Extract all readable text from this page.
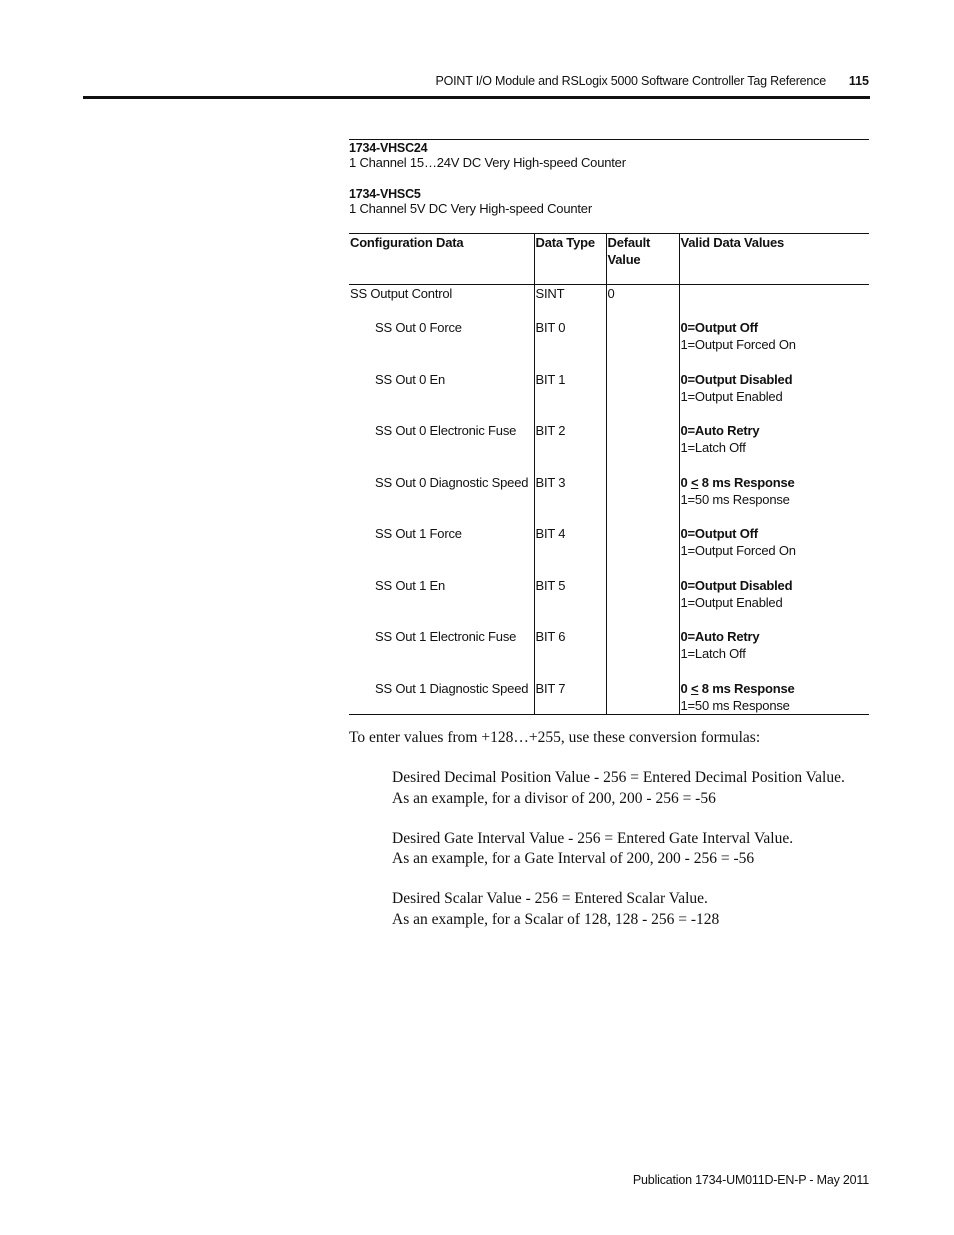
POINT I/O Module and RSLogix 5000 Software Controller Tag Reference	115

1734-VHSC24

1 Channel 15…24V DC Very High-speed Counter

1734-VHSC5

1 Channel 5V DC Very High-speed Counter

Configuration Data	Data Type	Default Value	Valid Data Values
SS Output Control	SINT	0	
SS Out 0 Force	BIT 0		0=Output Off
1=Output Forced On

SS Out 0 En	BIT 1		0=Output Disabled
1=Output Enabled

SS Out 0 Electronic Fuse	BIT 2		0=Auto Retry
1=Latch Off

SS Out 0 Diagnostic Speed	BIT 3		0 ≤ 8 ms Response
1=50 ms Response

SS Out 1 Force	BIT 4		0=Output Off
1=Output Forced On

SS Out 1 En	BIT 5		0=Output Disabled
1=Output Enabled

SS Out 1 Electronic Fuse	BIT 6		0=Auto Retry
1=Latch Off

SS Out 1 Diagnostic Speed	BIT 7		0 ≤ 8 ms Response
1=50 ms Response

To enter values from +128…+255, use these conversion formulas:

Desired Decimal Position Value - 256 = Entered Decimal Position Value.
As an example, for a divisor of 200, 200 - 256 = -56

Desired Gate Interval Value - 256 = Entered Gate Interval Value.
As an example, for a Gate Interval of 200, 200 - 256 = -56

Desired Scalar Value - 256 = Entered Scalar Value.
As an example, for a Scalar of 128, 128 - 256 = -128

Publication 1734-UM011D-EN-P - May 2011
